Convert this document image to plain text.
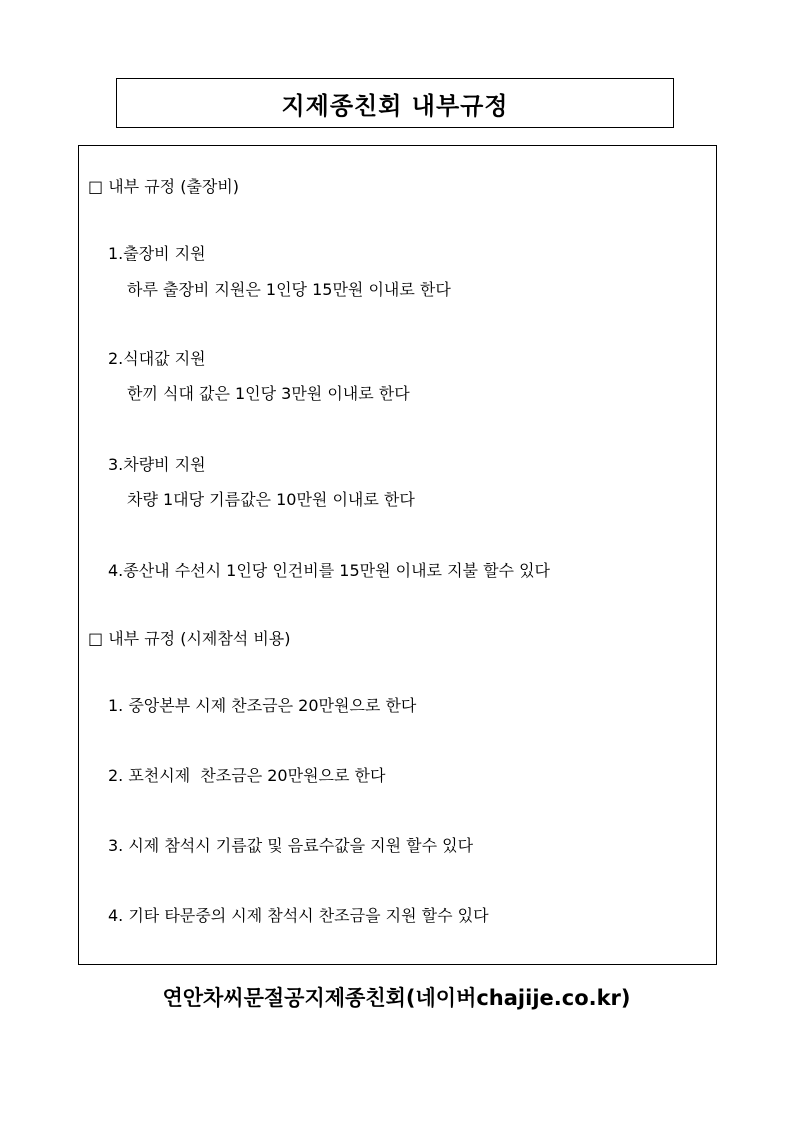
지제종친회 내부규정
□ 내부 규정 (출장비)
1.출장비 지원
하루 출장비 지원은 1인당 15만원 이내로 한다
2.식대값 지원
한끼 식대 값은 1인당 3만원 이내로 한다
3.차량비 지원
차량 1대당 기름값은 10만원 이내로 한다
4.종산내 수선시 1인당 인건비를 15만원 이내로 지불 할수 있다
□ 내부 규정 (시제참석 비용)
1. 중앙본부 시제 찬조금은 20만원으로 한다
2. 포천시제  찬조금은 20만원으로 한다
3. 시제 참석시 기름값 및 음료수값을 지원 할수 있다
4. 기타 타문중의 시제 참석시 찬조금을 지원 할수 있다
연안차씨문절공지제종친회(네이버chajije.co.kr)
